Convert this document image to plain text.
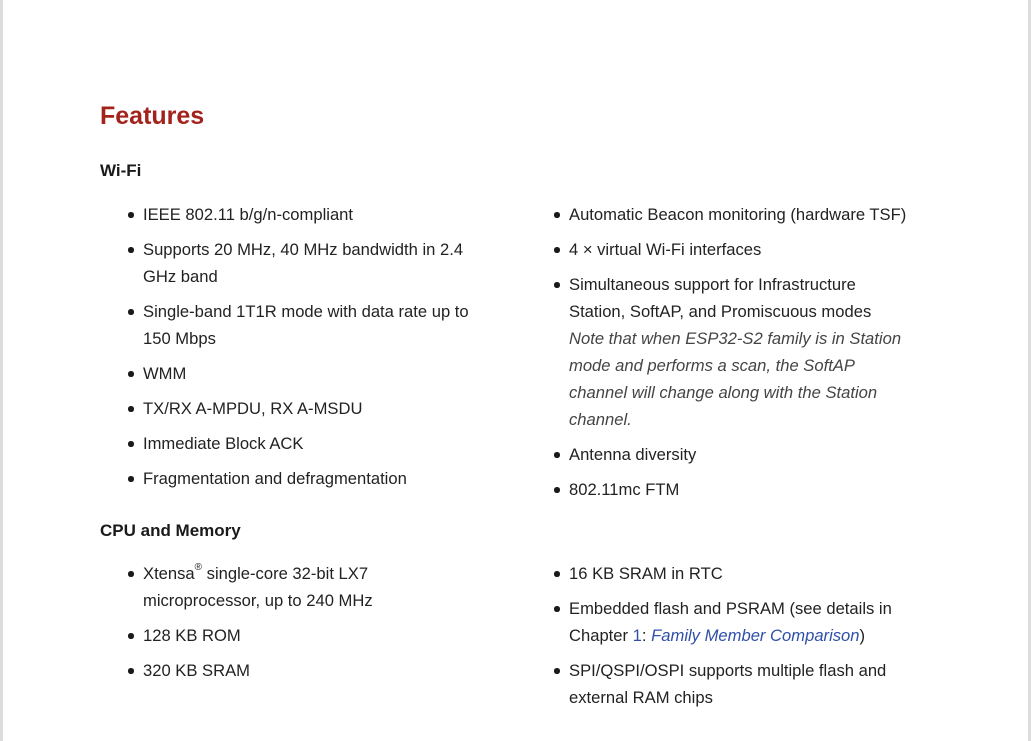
Features
Wi-Fi
IEEE 802.11 b/g/n-compliant
Supports 20 MHz, 40 MHz bandwidth in 2.4 GHz band
Single-band 1T1R mode with data rate up to 150 Mbps
WMM
TX/RX A-MPDU, RX A-MSDU
Immediate Block ACK
Fragmentation and defragmentation
Automatic Beacon monitoring (hardware TSF)
4 × virtual Wi-Fi interfaces
Simultaneous support for Infrastructure Station, SoftAP, and Promiscuous modes
Note that when ESP32-S2 family is in Station mode and performs a scan, the SoftAP channel will change along with the Station channel.
Antenna diversity
802.11mc FTM
CPU and Memory
Xtensa® single-core 32-bit LX7 microprocessor, up to 240 MHz
128 KB ROM
320 KB SRAM
16 KB SRAM in RTC
Embedded flash and PSRAM (see details in Chapter 1: Family Member Comparison)
SPI/QSPI/OSPI supports multiple flash and external RAM chips
